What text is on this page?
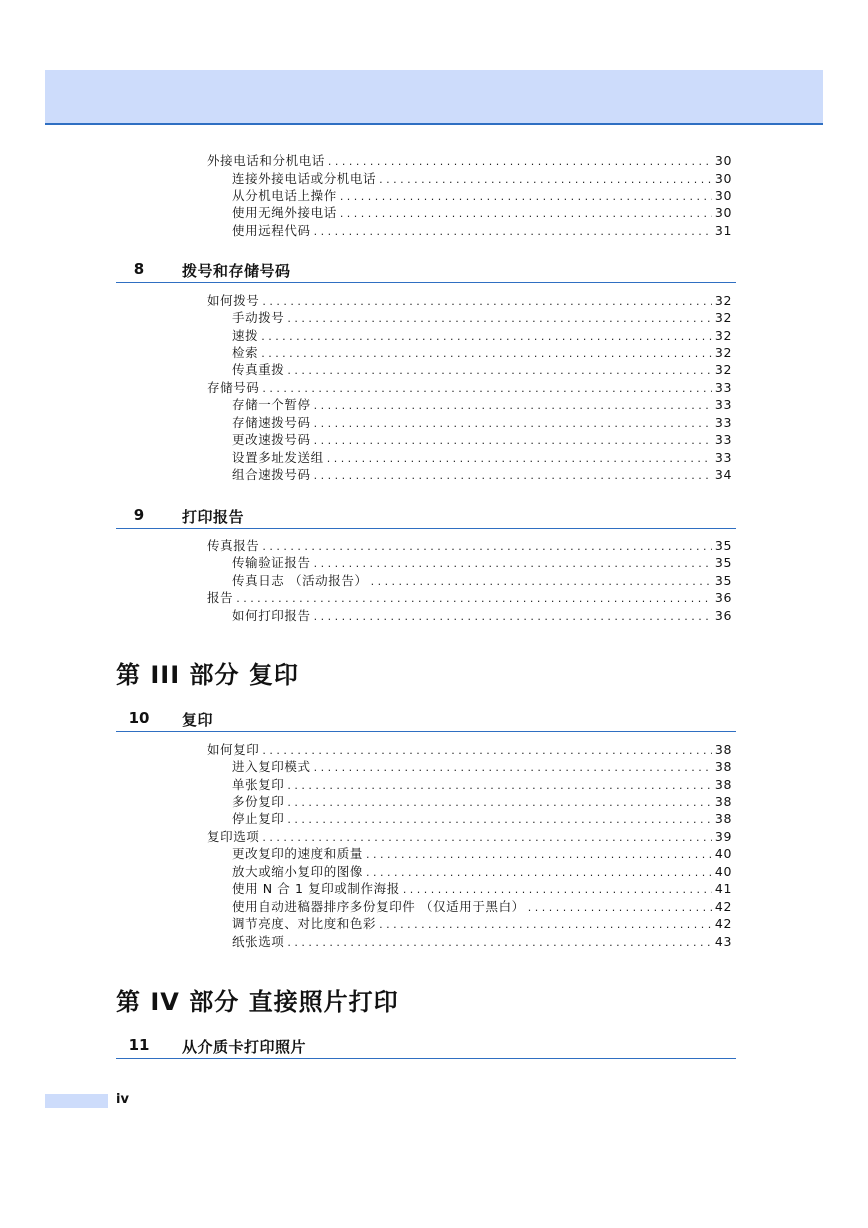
外接电话和分机电话 . . .	30
连接外接电话或分机电话 . . .	30
从分机电话上操作 . . .	30
使用无绳外接电话 . . .	30
使用远程代码 . . .	31
8	拨号和存储号码
如何拨号 . . .	32
手动拨号 . . .	32
速拨 . . .	32
检索 . . .	32
传真重拨 . . .	32
存储号码 . . .	33
存储一个暂停 . . .	33
存储速拨号码 . . .	33
更改速拨号码 . . .	33
设置多址发送组 . . .	33
组合速拨号码 . . .	34
9	打印报告
传真报告 . . .	35
传输验证报告 . . .	35
传真日志 （活动报告） . . .	35
报告 . . .	36
如何打印报告 . . .	36
第 III 部分 复印
10	复印
如何复印 . . .	38
进入复印模式 . . .	38
单张复印 . . .	38
多份复印 . . .	38
停止复印 . . .	38
复印选项 . . .	39
更改复印的速度和质量 . . .	40
放大或缩小复印的图像 . . .	40
使用 N 合 1 复印或制作海报 . . .	41
使用自动进稿器排序多份复印件 （仅适用于黑白） . . .	42
调节亮度、对比度和色彩 . . .	42
纸张选项 . . .	43
第 IV 部分 直接照片打印
11	从介质卡打印照片
iv
